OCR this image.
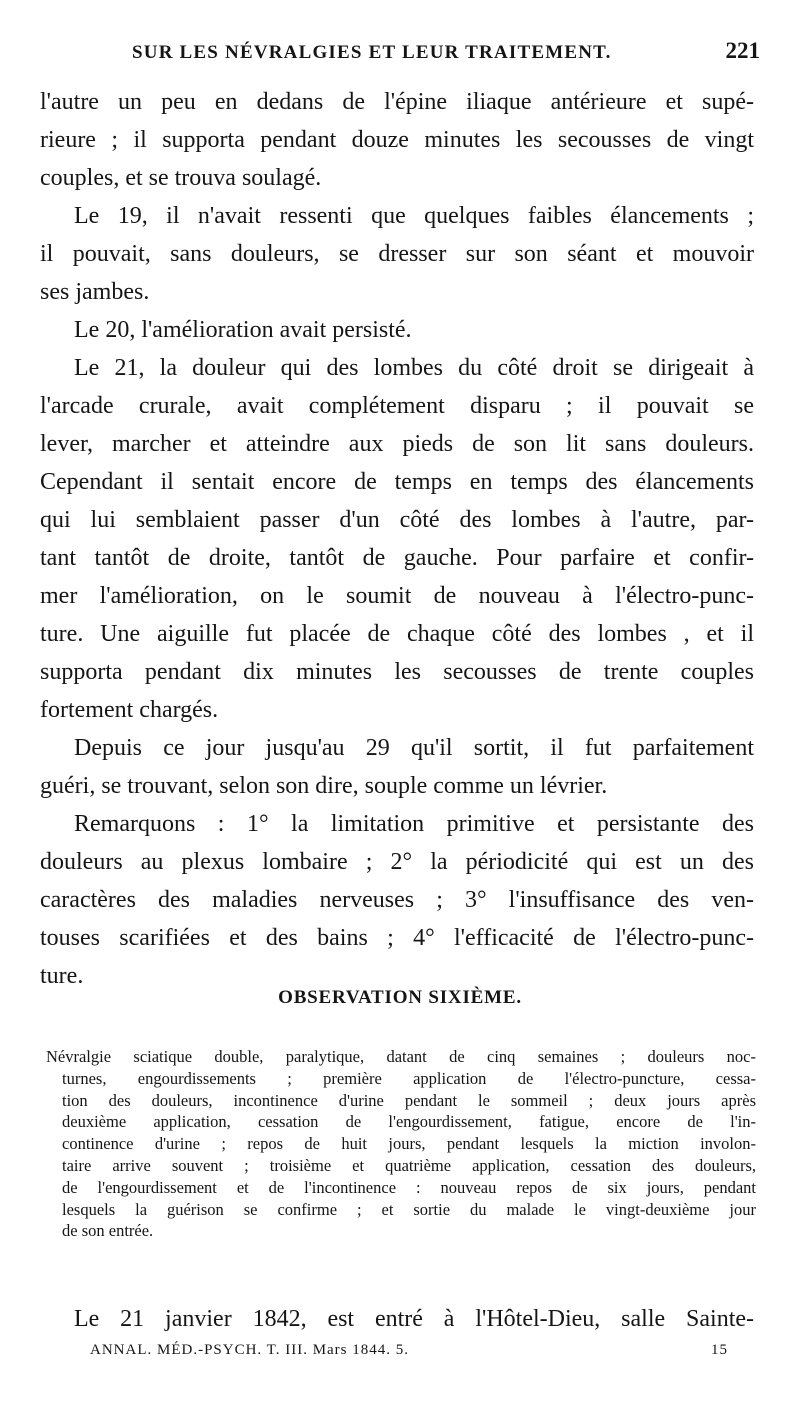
SUR LES NÉVRALGIES ET LEUR TRAITEMENT.	221
l'autre un peu en dedans de l'épine iliaque antérieure et supé-
rieure ; il supporta pendant douze minutes les secousses de vingt
couples, et se trouva soulagé.
Le 19, il n'avait ressenti que quelques faibles élancements ;
il pouvait, sans douleurs, se dresser sur son séant et mouvoir
ses jambes.
Le 20, l'amélioration avait persisté.
Le 21, la douleur qui des lombes du côté droit se dirigeait à
l'arcade crurale, avait complétement disparu ; il pouvait se
lever, marcher et atteindre aux pieds de son lit sans douleurs.
Cependant il sentait encore de temps en temps des élancements
qui lui semblaient passer d'un côté des lombes à l'autre, par-
tant tantôt de droite, tantôt de gauche. Pour parfaire et confir-
mer l'amélioration, on le soumit de nouveau à l'électro-punc-
ture. Une aiguille fut placée de chaque côté des lombes , et il
supporta pendant dix minutes les secousses de trente couples
fortement chargés.
Depuis ce jour jusqu'au 29 qu'il sortit, il fut parfaitement
guéri, se trouvant, selon son dire, souple comme un lévrier.
Remarquons : 1° la limitation primitive et persistante des
douleurs au plexus lombaire ; 2° la périodicité qui est un des
caractères des maladies nerveuses ; 3° l'insuffisance des ven-
touses scarifiées et des bains ; 4° l'efficacité de l'électro-punc-
ture.
OBSERVATION SIXIÈME.
Névralgie sciatique double, paralytique, datant de cinq semaines ; douleurs noc-
turnes, engourdissements ; première application de l'électro-puncture, cessa-
tion des douleurs, incontinence d'urine pendant le sommeil ; deux jours après
deuxième application, cessation de l'engourdissement, fatigue, encore de l'in-
continence d'urine ; repos de huit jours, pendant lesquels la miction involon-
taire arrive souvent ; troisième et quatrième application, cessation des douleurs,
de l'engourdissement et de l'incontinence : nouveau repos de six jours, pendant
lesquels la guérison se confirme ; et sortie du malade le vingt-deuxième jour
de son entrée.
Le 21 janvier 1842, est entré à l'Hôtel-Dieu, salle Sainte-
ANNAL. MÉD.-PSYCH. T. III. Mars 1844. 5.	15
